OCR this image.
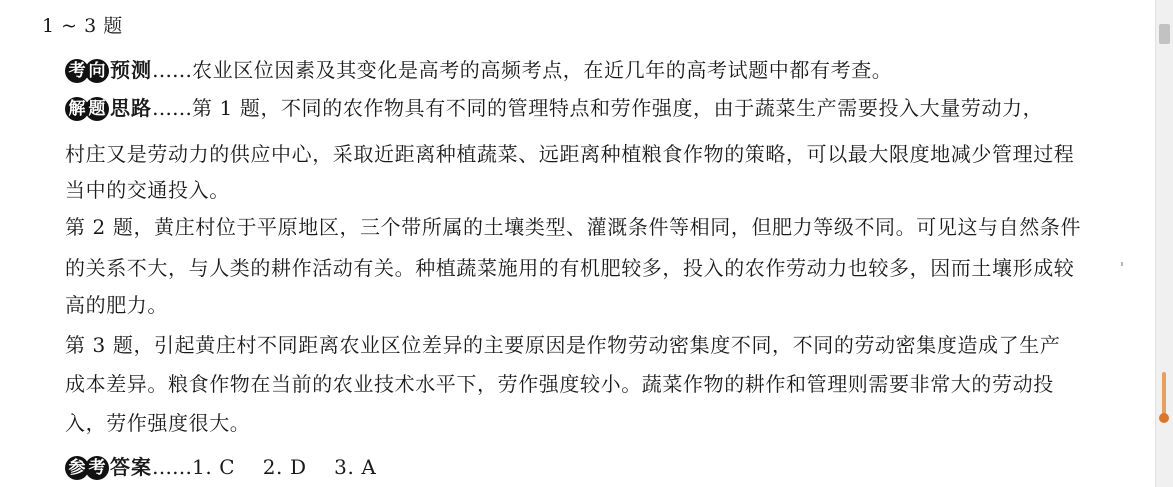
1 ~ 3 题
考 向 预测……农业区位因素及其变化是高考的高频考点，在近几年的高考试题中都有考查。
解 题 思路……第 1 题，不同的农作物具有不同的管理特点和劳作强度，由于蔬菜生产需要投入大量劳动力，
村庄又是劳动力的供应中心，采取近距离种植蔬菜、远距离种植粮食作物的策略，可以最大限度地减少管理过程
当中的交通投入。
第 2 题，黄庄村位于平原地区，三个带所属的土壤类型、灌溉条件等相同，但肥力等级不同。可见这与自然条件
的关系不大，与人类的耕作活动有关。种植蔬菜施用的有机肥较多，投入的农作劳动力也较多，因而土壤形成较
高的肥力。
第 3 题，引起黄庄村不同距离农业区位差异的主要原因是作物劳动密集度不同，不同的劳动密集度造成了生产
成本差异。粮食作物在当前的农业技术水平下，劳作强度较小。蔬菜作物的耕作和管理则需要非常大的劳动投
入，劳作强度很大。
参 考 答案……1. C　 2. D　 3. A
